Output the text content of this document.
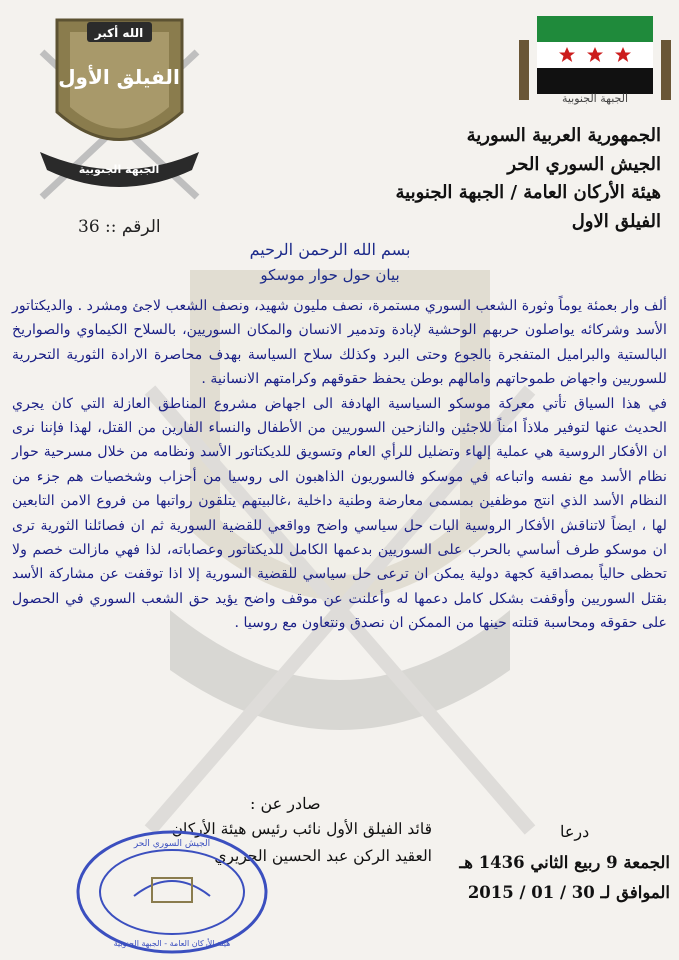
الجبهة الجنوبية
الله أكبر
الفيلق الأول
الجبهة الجنوبية
الجمهورية العربية السورية
الجيش السوري الحر
هيئة الأركان العامة / الجبهة الجنوبية
الفيلق الاول
الرقم :: 36
بسم الله الرحمن الرحيم
بيان حول حوار موسكو

ألف وار بعمئة يوماً وثورة الشعب السوري مستمرة، نصف مليون شهيد، ونصف الشعب لاجئ ومشرد . والديكتاتور الأسد وشركائه يواصلون حربهم الوحشية لإبادة وتدمير الانسان والمكان السوريين، بالسلاح الكيماوي والصواريخ البالستية والبراميل المتفجرة بالجوع وحتى البرد وكذلك سلاح السياسة بهدف محاصرة الارادة الثورية التحررية للسوريين واجهاض طموحاتهم وامالهم بوطن يحفظ حقوقهم وكرامتهم الانسانية .

في هذا السياق تأتي معركة موسكو السياسية الهادفة الى اجهاض مشروع المناطق العازلة التي كان يجري الحديث عنها لتوفير ملاذاً امناً للاجئين والنازحين السوريين من الأطفال والنساء الفارين من القتل، لهذا فإننا نرى ان الأفكار الروسية هي عملية إلهاء وتضليل للرأي العام وتسويق للديكتاتور الأسد ونظامه من خلال مسرحية حوار نظام الأسد مع نفسه واتباعه في موسكو فالسوريون الذاهبون الى روسيا من أحزاب وشخصيات هم جزء من النظام الأسد الذي انتج موظفين بمسمى معارضة وطنية داخلية ،غالبيتهم يتلقون رواتبها من فروع الامن التابعين لها ، ايضاً لاتناقش الأفكار الروسية اليات حل سياسي واضح وواقعي للقضية السورية ثم ان فصائلنا الثورية ترى ان موسكو طرف أساسي بالحرب على السوريين بدعمها الكامل للديكتاتور وعصاباته، لذا فهي مازالت خصم ولا تحظى حالياً بمصداقية كجهة دولية يمكن ان ترعى حل سياسي للقضية السورية إلا اذا توقفت عن مشاركة الأسد بقتل السوريين وأوقفت بشكل كامل دعمها له وأعلنت عن موقف واضح يؤيد حق الشعب السوري في الحصول على حقوقه ومحاسبة قتلته حينها من الممكن ان نصدق ونتعاون مع روسيا .

صادر عن :
قائد الفيلق الأول نائب رئيس هيئة الأركان
العقيد الركن عبد الحسين الحريري
درعا
الجمعة 9 ربيع الثاني 1436 هـ
الموافق لـ 30 / 01 / 2015
الجيش السوري الحر
هيئة الأركان العامة - الجبهة الجنوبية
